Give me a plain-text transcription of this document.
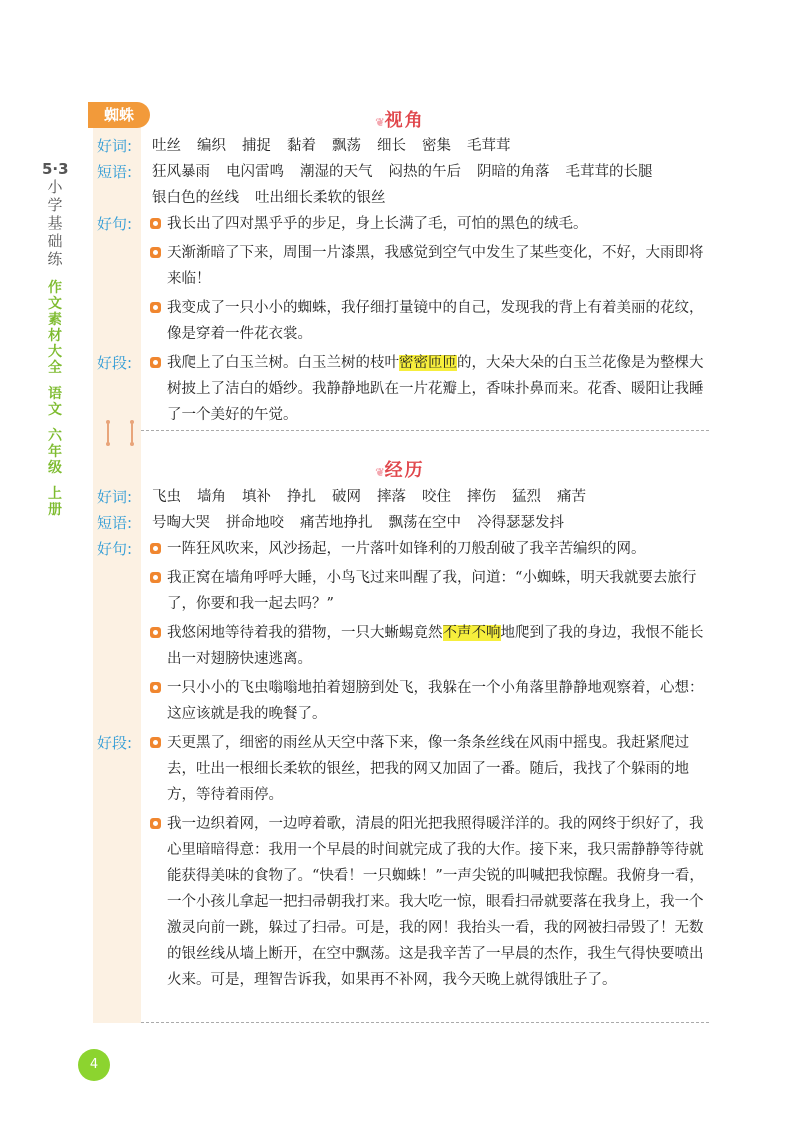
5·3
小
学
基
础
练
作
文
素
材
大
全
语
文
六
年
级
上
册
蜘蛛	❦视角
好词:	吐丝 编织 捕捉 黏着 飘荡 细长 密集 毛茸茸
短语:	狂风暴雨 电闪雷鸣 潮湿的天气 闷热的午后 阴暗的角落 毛茸茸的长腿
银白色的丝线 吐出细长柔软的银丝
好句:	我长出了四对黑乎乎的步足，身上长满了毛，可怕的黑色的绒毛。
天渐渐暗了下来，周围一片漆黑，我感觉到空气中发生了某些变化，不好，大雨即将来临！
我变成了一只小小的蜘蛛，我仔细打量镜中的自己，发现我的背上有着美丽的花纹，像是穿着一件花衣裳。
好段:	我爬上了白玉兰树。白玉兰树的枝叶密密匝匝的，大朵大朵的白玉兰花像是为整棵大树披上了洁白的婚纱。我静静地趴在一片花瓣上，香味扑鼻而来。花香、暖阳让我睡了一个美好的午觉。
❦经历
好词:	飞虫 墙角 填补 挣扎 破网 摔落 咬住 摔伤 猛烈 痛苦
短语:	号啕大哭 拼命地咬 痛苦地挣扎 飘荡在空中 冷得瑟瑟发抖
好句:	一阵狂风吹来，风沙扬起，一片落叶如锋利的刀般刮破了我辛苦编织的网。
我正窝在墙角呼呼大睡，小鸟飞过来叫醒了我，问道：“小蜘蛛，明天我就要去旅行了，你要和我一起去吗？”
我悠闲地等待着我的猎物，一只大蜥蜴竟然不声不响地爬到了我的身边，我恨不能长出一对翅膀快速逃离。
一只小小的飞虫嗡嗡地拍着翅膀到处飞，我躲在一个小角落里静静地观察着，心想：这应该就是我的晚餐了。
好段:	天更黑了，细密的雨丝从天空中落下来，像一条条丝线在风雨中摇曳。我赶紧爬过去，吐出一根细长柔软的银丝，把我的网又加固了一番。随后，我找了个躲雨的地方，等待着雨停。
我一边织着网，一边哼着歌，清晨的阳光把我照得暖洋洋的。我的网终于织好了，我心里暗暗得意：我用一个早晨的时间就完成了我的大作。接下来，我只需静静等待就能获得美味的食物了。“快看！一只蜘蛛！”一声尖锐的叫喊把我惊醒。我俯身一看，一个小孩儿拿起一把扫帚朝我打来。我大吃一惊，眼看扫帚就要落在我身上，我一个激灵向前一跳，躲过了扫帚。可是，我的网！我抬头一看，我的网被扫帚毁了！无数的银丝线从墙上断开，在空中飘荡。这是我辛苦了一早晨的杰作，我生气得快要喷出火来。可是，理智告诉我，如果再不补网，我今天晚上就得饿肚子了。
4
